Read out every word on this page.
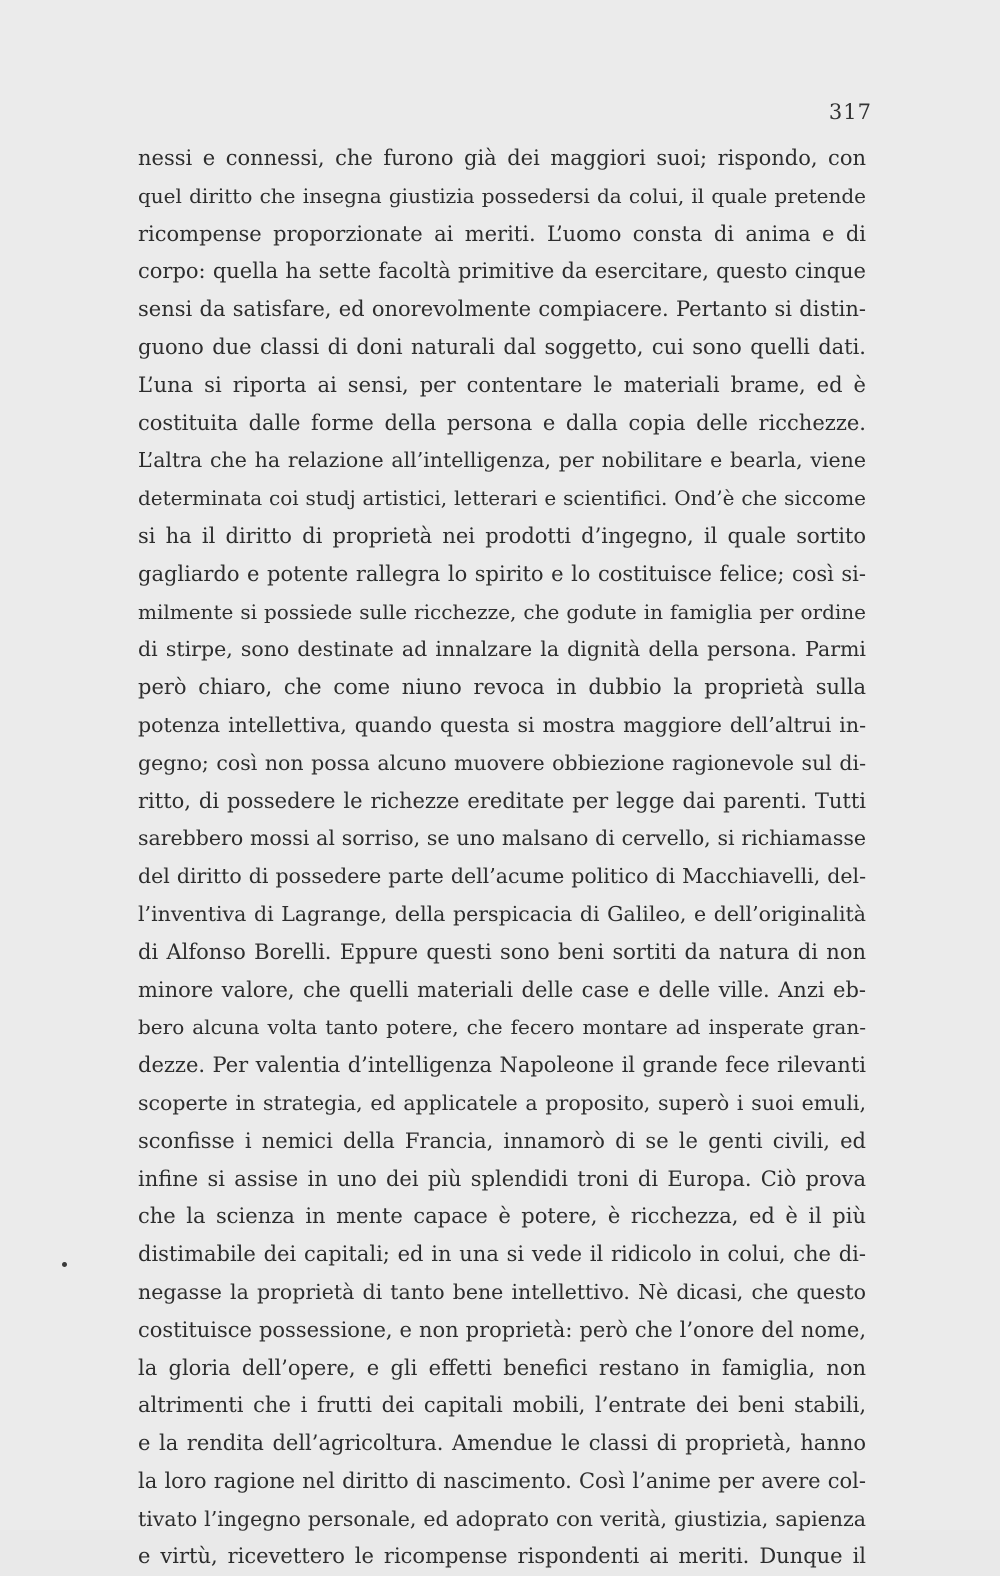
317
nessi e connessi, che furono già dei maggiori suoi; rispondo, con
quel diritto che insegna giustizia possedersi da colui, il quale pretende
ricompense proporzionate ai meriti. L’uomo consta di anima e di
corpo: quella ha sette facoltà primitive da esercitare, questo cinque
sensi da satisfare, ed onorevolmente compiacere. Pertanto si distin-
guono due classi di doni naturali dal soggetto, cui sono quelli dati.
L’una si riporta ai sensi, per contentare le materiali brame, ed è
costituita dalle forme della persona e dalla copia delle ricchezze.
L’altra che ha relazione all’intelligenza, per nobilitare e bearla, viene
determinata coi studj artistici, letterari e scientifici. Ond’è che siccome
si ha il diritto di proprietà nei prodotti d’ingegno, il quale sortito
gagliardo e potente rallegra lo spirito e lo costituisce felice; così si-
milmente si possiede sulle ricchezze, che godute in famiglia per ordine
di stirpe, sono destinate ad innalzare la dignità della persona. Parmi
però chiaro, che come niuno revoca in dubbio la proprietà sulla
potenza intellettiva, quando questa si mostra maggiore dell’altrui in-
gegno; così non possa alcuno muovere obbiezione ragionevole sul di-
ritto, di possedere le richezze ereditate per legge dai parenti. Tutti
sarebbero mossi al sorriso, se uno malsano di cervello, si richiamasse
del diritto di possedere parte dell’acume politico di Macchiavelli, del-
l’inventiva di Lagrange, della perspicacia di Galileo, e dell’originalità
di Alfonso Borelli. Eppure questi sono beni sortiti da natura di non
minore valore, che quelli materiali delle case e delle ville. Anzi eb-
bero alcuna volta tanto potere, che fecero montare ad insperate gran-
dezze. Per valentia d’intelligenza Napoleone il grande fece rilevanti
scoperte in strategia, ed applicatele a proposito, superò i suoi emuli,
sconfisse i nemici della Francia, innamorò di se le genti civili, ed
infine si assise in uno dei più splendidi troni di Europa. Ciò prova
che la scienza in mente capace è potere, è ricchezza, ed è il più
distimabile dei capitali; ed in una si vede il ridicolo in colui, che di-
negasse la proprietà di tanto bene intellettivo. Nè dicasi, che questo
costituisce possessione, e non proprietà: però che l’onore del nome,
la gloria dell’opere, e gli effetti benefici restano in famiglia, non
altrimenti che i frutti dei capitali mobili, l’entrate dei beni stabili,
e la rendita dell’agricoltura. Amendue le classi di proprietà, hanno
la loro ragione nel diritto di nascimento. Così l’anime per avere col-
tivato l’ingegno personale, ed adoprato con verità, giustizia, sapienza
e virtù, ricevettero le ricompense rispondenti ai meriti. Dunque il
